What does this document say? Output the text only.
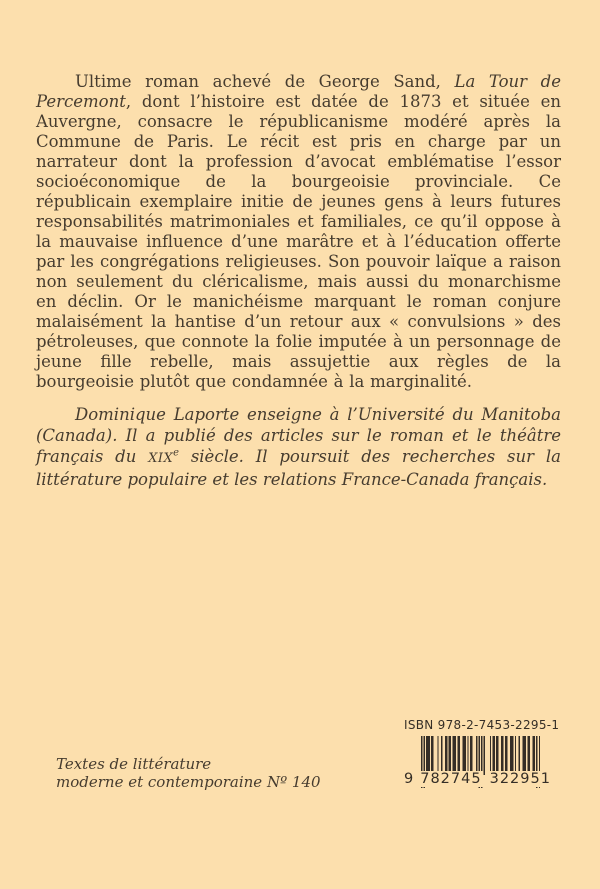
Ultime roman achevé de George Sand, La Tour de Percemont, dont l’histoire est datée de 1873 et située en Auvergne, consacre le républicanisme modéré après la Commune de Paris. Le récit est pris en charge par un narrateur dont la profession d’avocat emblématise l’essor socioéconomique de la bourgeoisie provinciale. Ce républicain exemplaire initie de jeunes gens à leurs futures responsabilités matrimoniales et familiales, ce qu’il oppose à la mauvaise influence d’une marâtre et à l’éducation offerte par les congrégations religieuses. Son pouvoir laïque a raison non seulement du cléricalisme, mais aussi du monarchisme en déclin. Or le manichéisme marquant le roman conjure malaisément la hantise d’un retour aux « convulsions » des pétroleuses, que connote la folie imputée à un personnage de jeune fille rebelle, mais assujettie aux règles de la bourgeoisie plutôt que condamnée à la marginalité.

Dominique Laporte enseigne à l’Université du Manitoba (Canada). Il a publié des articles sur le roman et le théâtre français du XIXe siècle. Il poursuit des recherches sur la littérature populaire et les relations France-Canada français.

Textes de littérature
moderne et contemporaine Nº 140
ISBN 978-2-7453-2295-1
9 782745 322951
